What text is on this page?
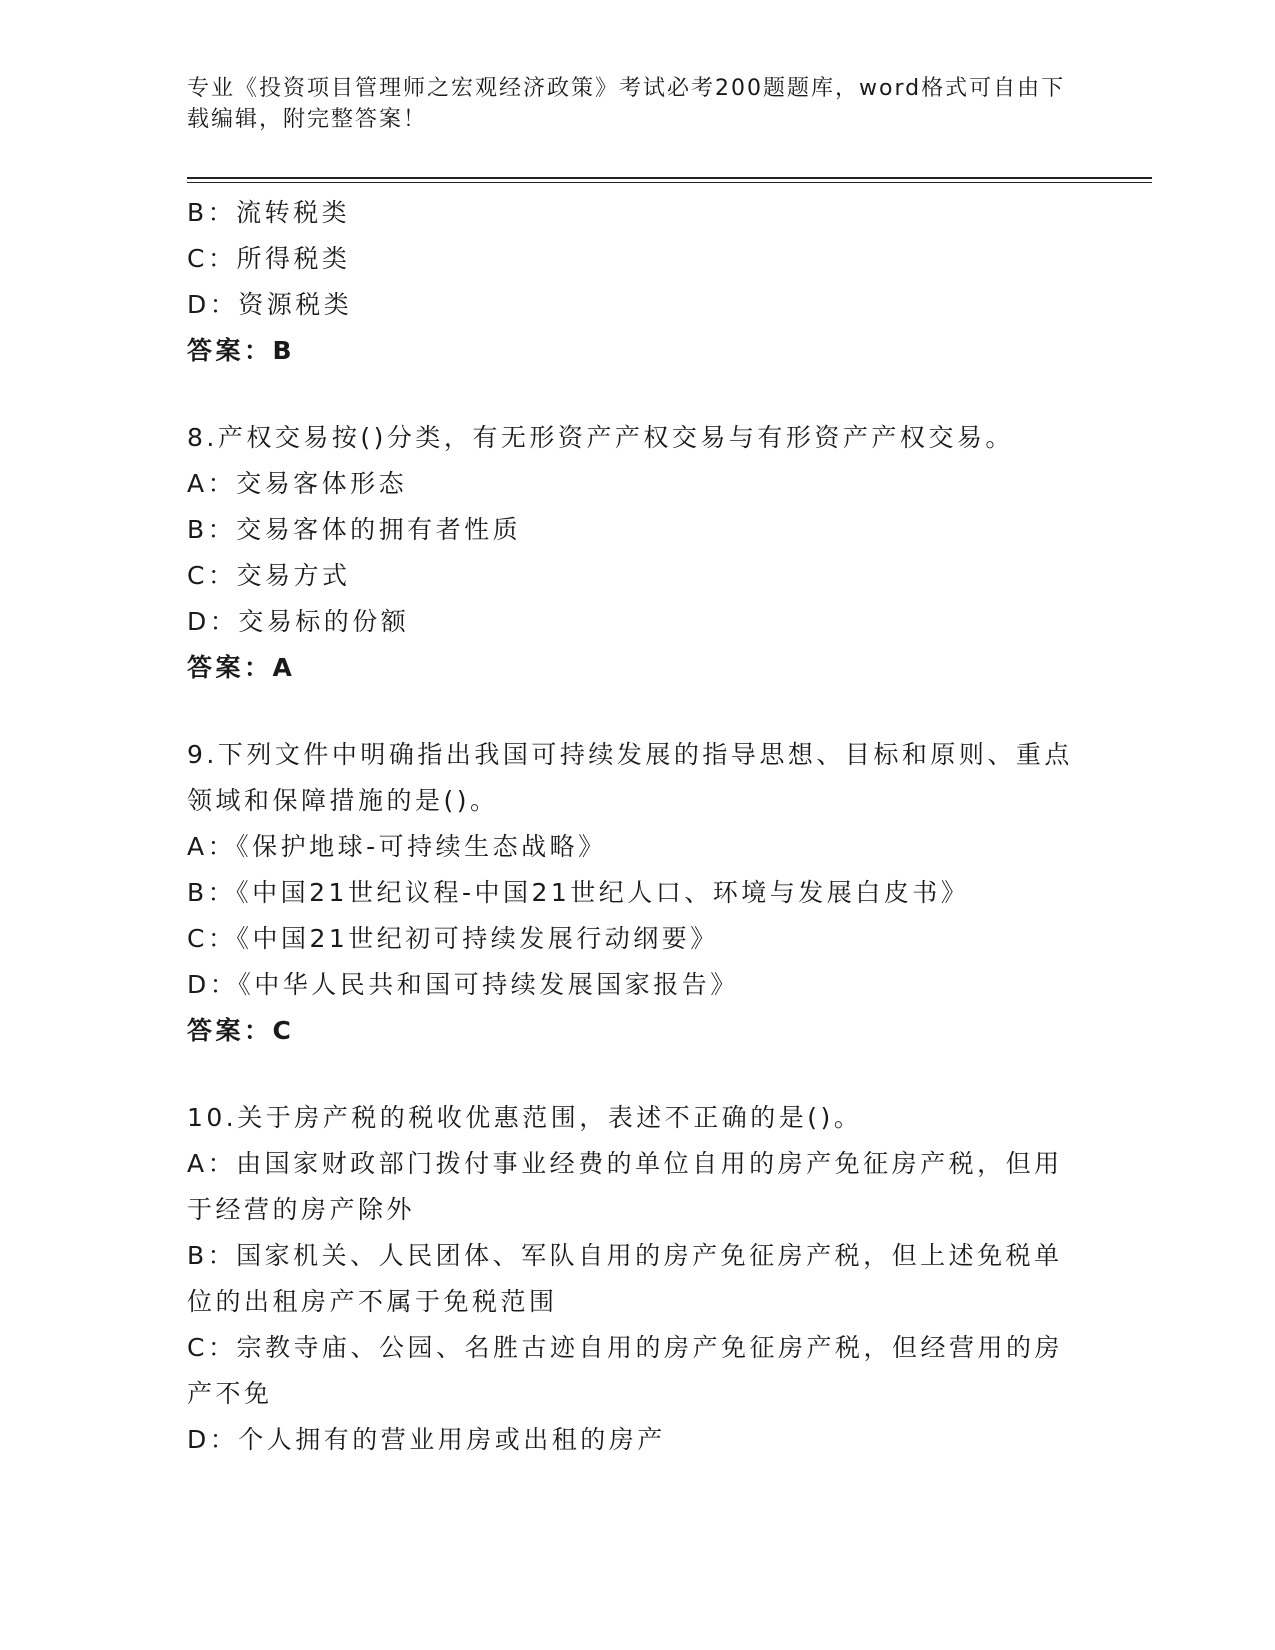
专业《投资项目管理师之宏观经济政策》考试必考200题题库，word格式可自由下载编辑，附完整答案！
B：流转税类
C：所得税类
D：资源税类
答案：B
8.产权交易按()分类，有无形资产产权交易与有形资产产权交易。
A：交易客体形态
B：交易客体的拥有者性质
C：交易方式
D：交易标的份额
答案：A
9.下列文件中明确指出我国可持续发展的指导思想、目标和原则、重点领域和保障措施的是()。
A：《保护地球-可持续生态战略》
B：《中国21世纪议程-中国21世纪人口、环境与发展白皮书》
C：《中国21世纪初可持续发展行动纲要》
D：《中华人民共和国可持续发展国家报告》
答案：C
10.关于房产税的税收优惠范围，表述不正确的是()。
A：由国家财政部门拨付事业经费的单位自用的房产免征房产税，但用于经营的房产除外
B：国家机关、人民团体、军队自用的房产免征房产税，但上述免税单位的出租房产不属于免税范围
C：宗教寺庙、公园、名胜古迹自用的房产免征房产税，但经营用的房产不免
D：个人拥有的营业用房或出租的房产
